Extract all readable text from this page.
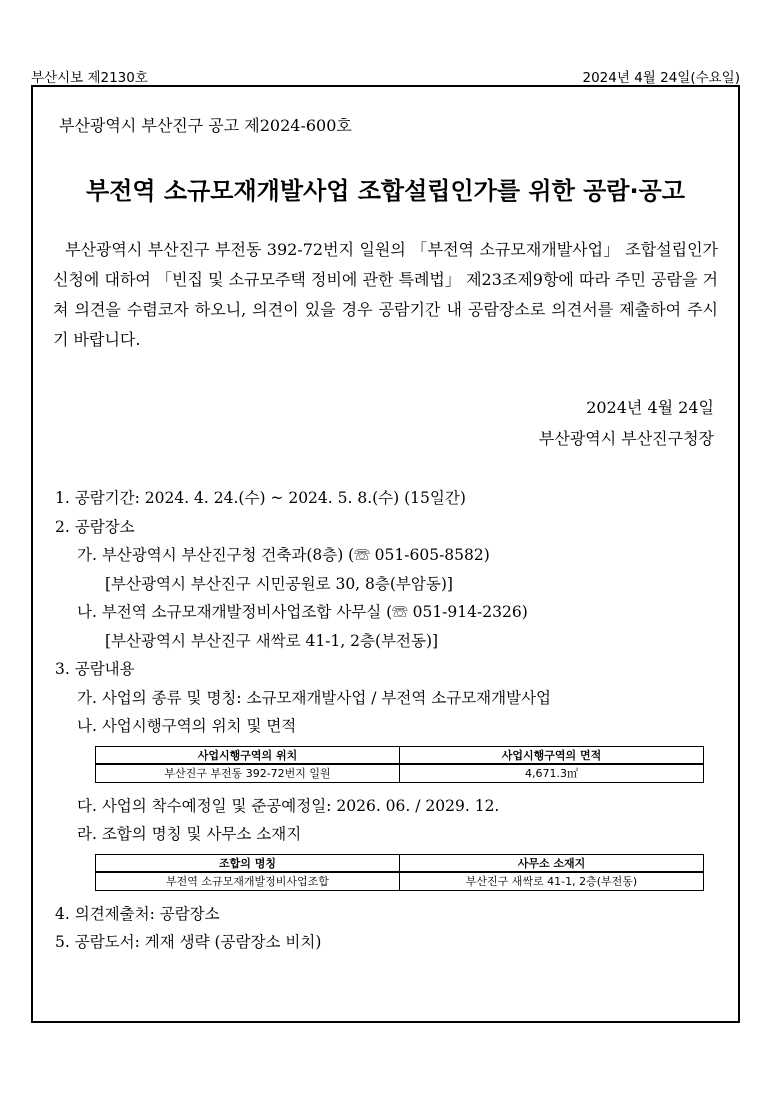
부산시보 제2130호	2024년 4월 24일(수요일)
부산광역시 부산진구 공고 제2024-600호
부전역 소규모재개발사업 조합설립인가를 위한 공람·공고
부산광역시 부산진구 부전동 392-72번지 일원의 「부전역 소규모재개발사업」 조합설립인가 신청에 대하여 「빈집 및 소규모주택 정비에 관한 특례법」 제23조제9항에 따라 주민 공람을 거쳐 의견을 수렴코자 하오니, 의견이 있을 경우 공람기간 내 공람장소로 의견서를 제출하여 주시기 바랍니다.
2024년 4월 24일
부산광역시 부산진구청장
1. 공람기간: 2024. 4. 24.(수) ~ 2024. 5. 8.(수) (15일간)
2. 공람장소
가. 부산광역시 부산진구청 건축과(8층) (☏ 051-605-8582)
[부산광역시 부산진구 시민공원로 30, 8층(부암동)]
나. 부전역 소규모재개발정비사업조합 사무실 (☏ 051-914-2326)
[부산광역시 부산진구 새싹로 41-1, 2층(부전동)]
3. 공람내용
가. 사업의 종류 및 명칭: 소규모재개발사업 / 부전역 소규모재개발사업
나. 사업시행구역의 위치 및 면적
사업시행구역의 위치	사업시행구역의 면적
부산진구 부전동 392-72번지 일원	4,671.3㎡
다. 사업의 착수예정일 및 준공예정일: 2026. 06. / 2029. 12.
라. 조합의 명칭 및 사무소 소재지
조합의 명칭	사무소 소재지
부전역 소규모재개발정비사업조합	부산진구 새싹로 41-1, 2층(부전동)
4. 의견제출처: 공람장소
5. 공람도서: 게재 생략 (공람장소 비치)
